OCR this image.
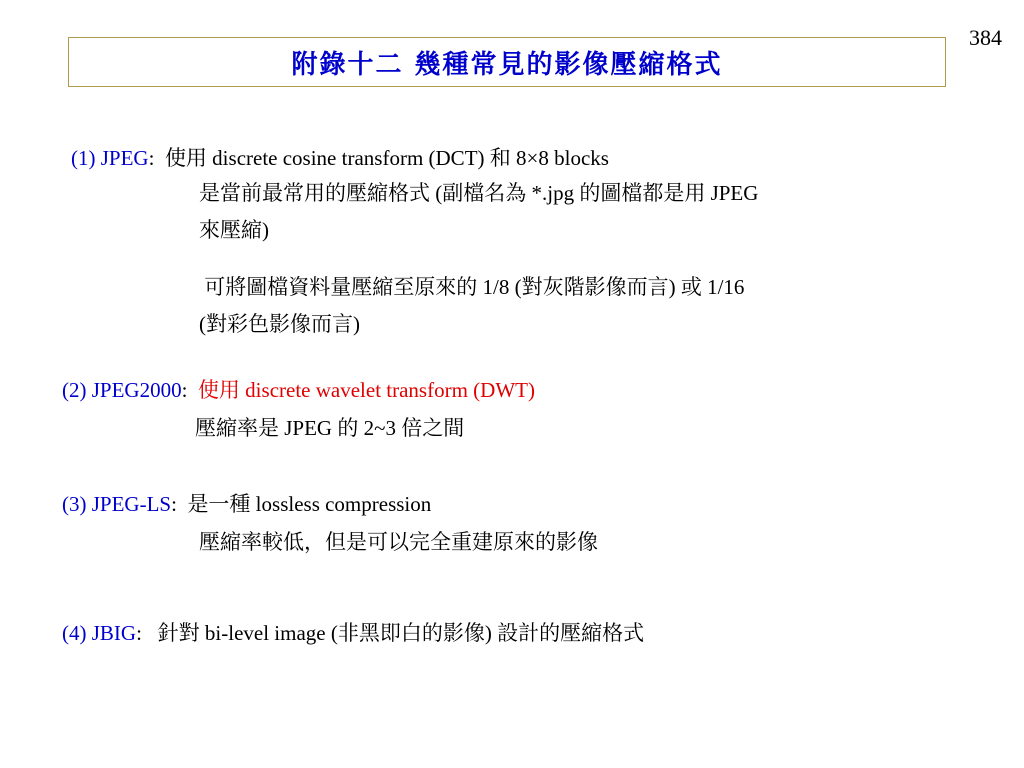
384
附錄十二 幾種常見的影像壓縮格式
(1) JPEG:  使用 discrete cosine transform (DCT) 和 8×8 blocks
是當前最常用的壓縮格式 (副檔名為 *.jpg 的圖檔都是用 JPEG
來壓縮)
可將圖檔資料量壓縮至原來的 1/8 (對灰階影像而言) 或 1/16
(對彩色影像而言)
(2) JPEG2000:  使用 discrete wavelet transform (DWT)
壓縮率是 JPEG 的 2~3 倍之間
(3) JPEG-LS:  是一種 lossless compression
壓縮率較低，但是可以完全重建原來的影像
(4) JBIG:   針對 bi-level image (非黑即白的影像) 設計的壓縮格式
